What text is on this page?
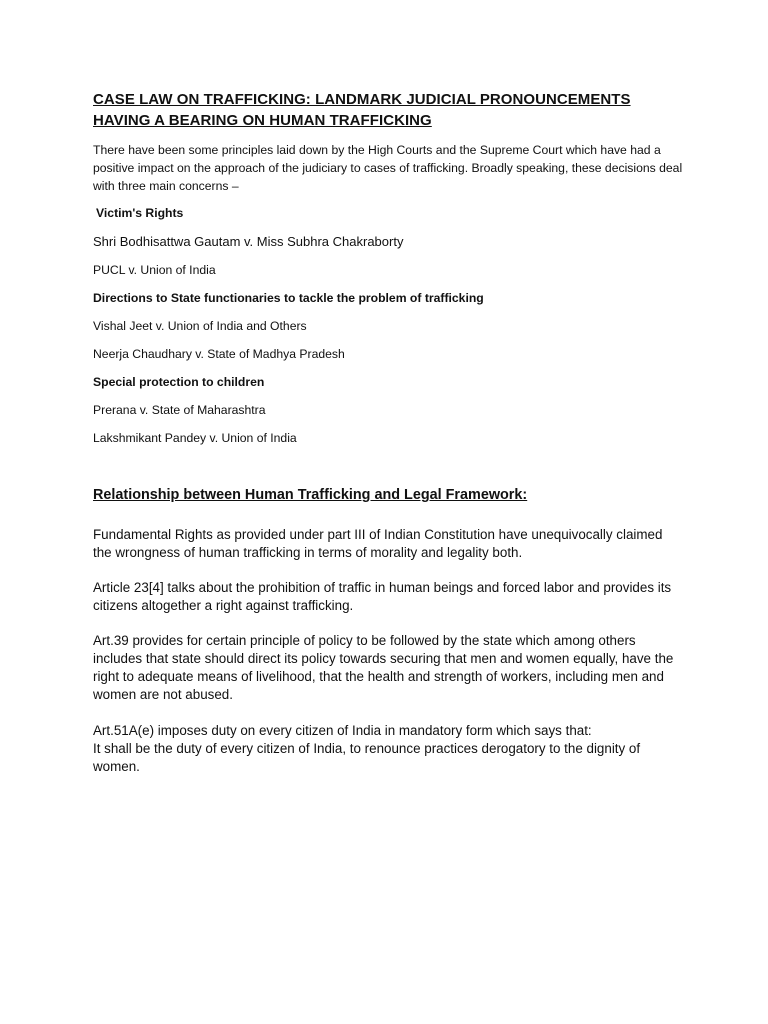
CASE LAW ON TRAFFICKING: LANDMARK JUDICIAL PRONOUNCEMENTS HAVING A BEARING ON HUMAN TRAFFICKING
There have been some principles laid down by the High Courts and the Supreme Court which have had a positive impact on the approach of the judiciary to cases of trafficking. Broadly speaking, these decisions deal with three main concerns –
Victim's Rights
Shri Bodhisattwa Gautam v. Miss Subhra Chakraborty
PUCL v. Union of India
Directions to State functionaries to tackle the problem of trafficking
Vishal Jeet v. Union of India and Others
Neerja Chaudhary v. State of Madhya Pradesh
Special protection to children
Prerana v. State of Maharashtra
Lakshmikant Pandey v. Union of India
Relationship between Human Trafficking and Legal Framework:
Fundamental Rights as provided under part III of Indian Constitution have unequivocally claimed the wrongness of human trafficking in terms of morality and legality both.
Article 23[4] talks about the prohibition of traffic in human beings and forced labor and provides its citizens altogether a right against trafficking.
Art.39 provides for certain principle of policy to be followed by the state which among others includes that state should direct its policy towards securing that men and women equally, have the right to adequate means of livelihood, that the health and strength of workers, including men and women are not abused.
Art.51A(e) imposes duty on every citizen of India in mandatory form which says that:
It shall be the duty of every citizen of India, to renounce practices derogatory to the dignity of women.
